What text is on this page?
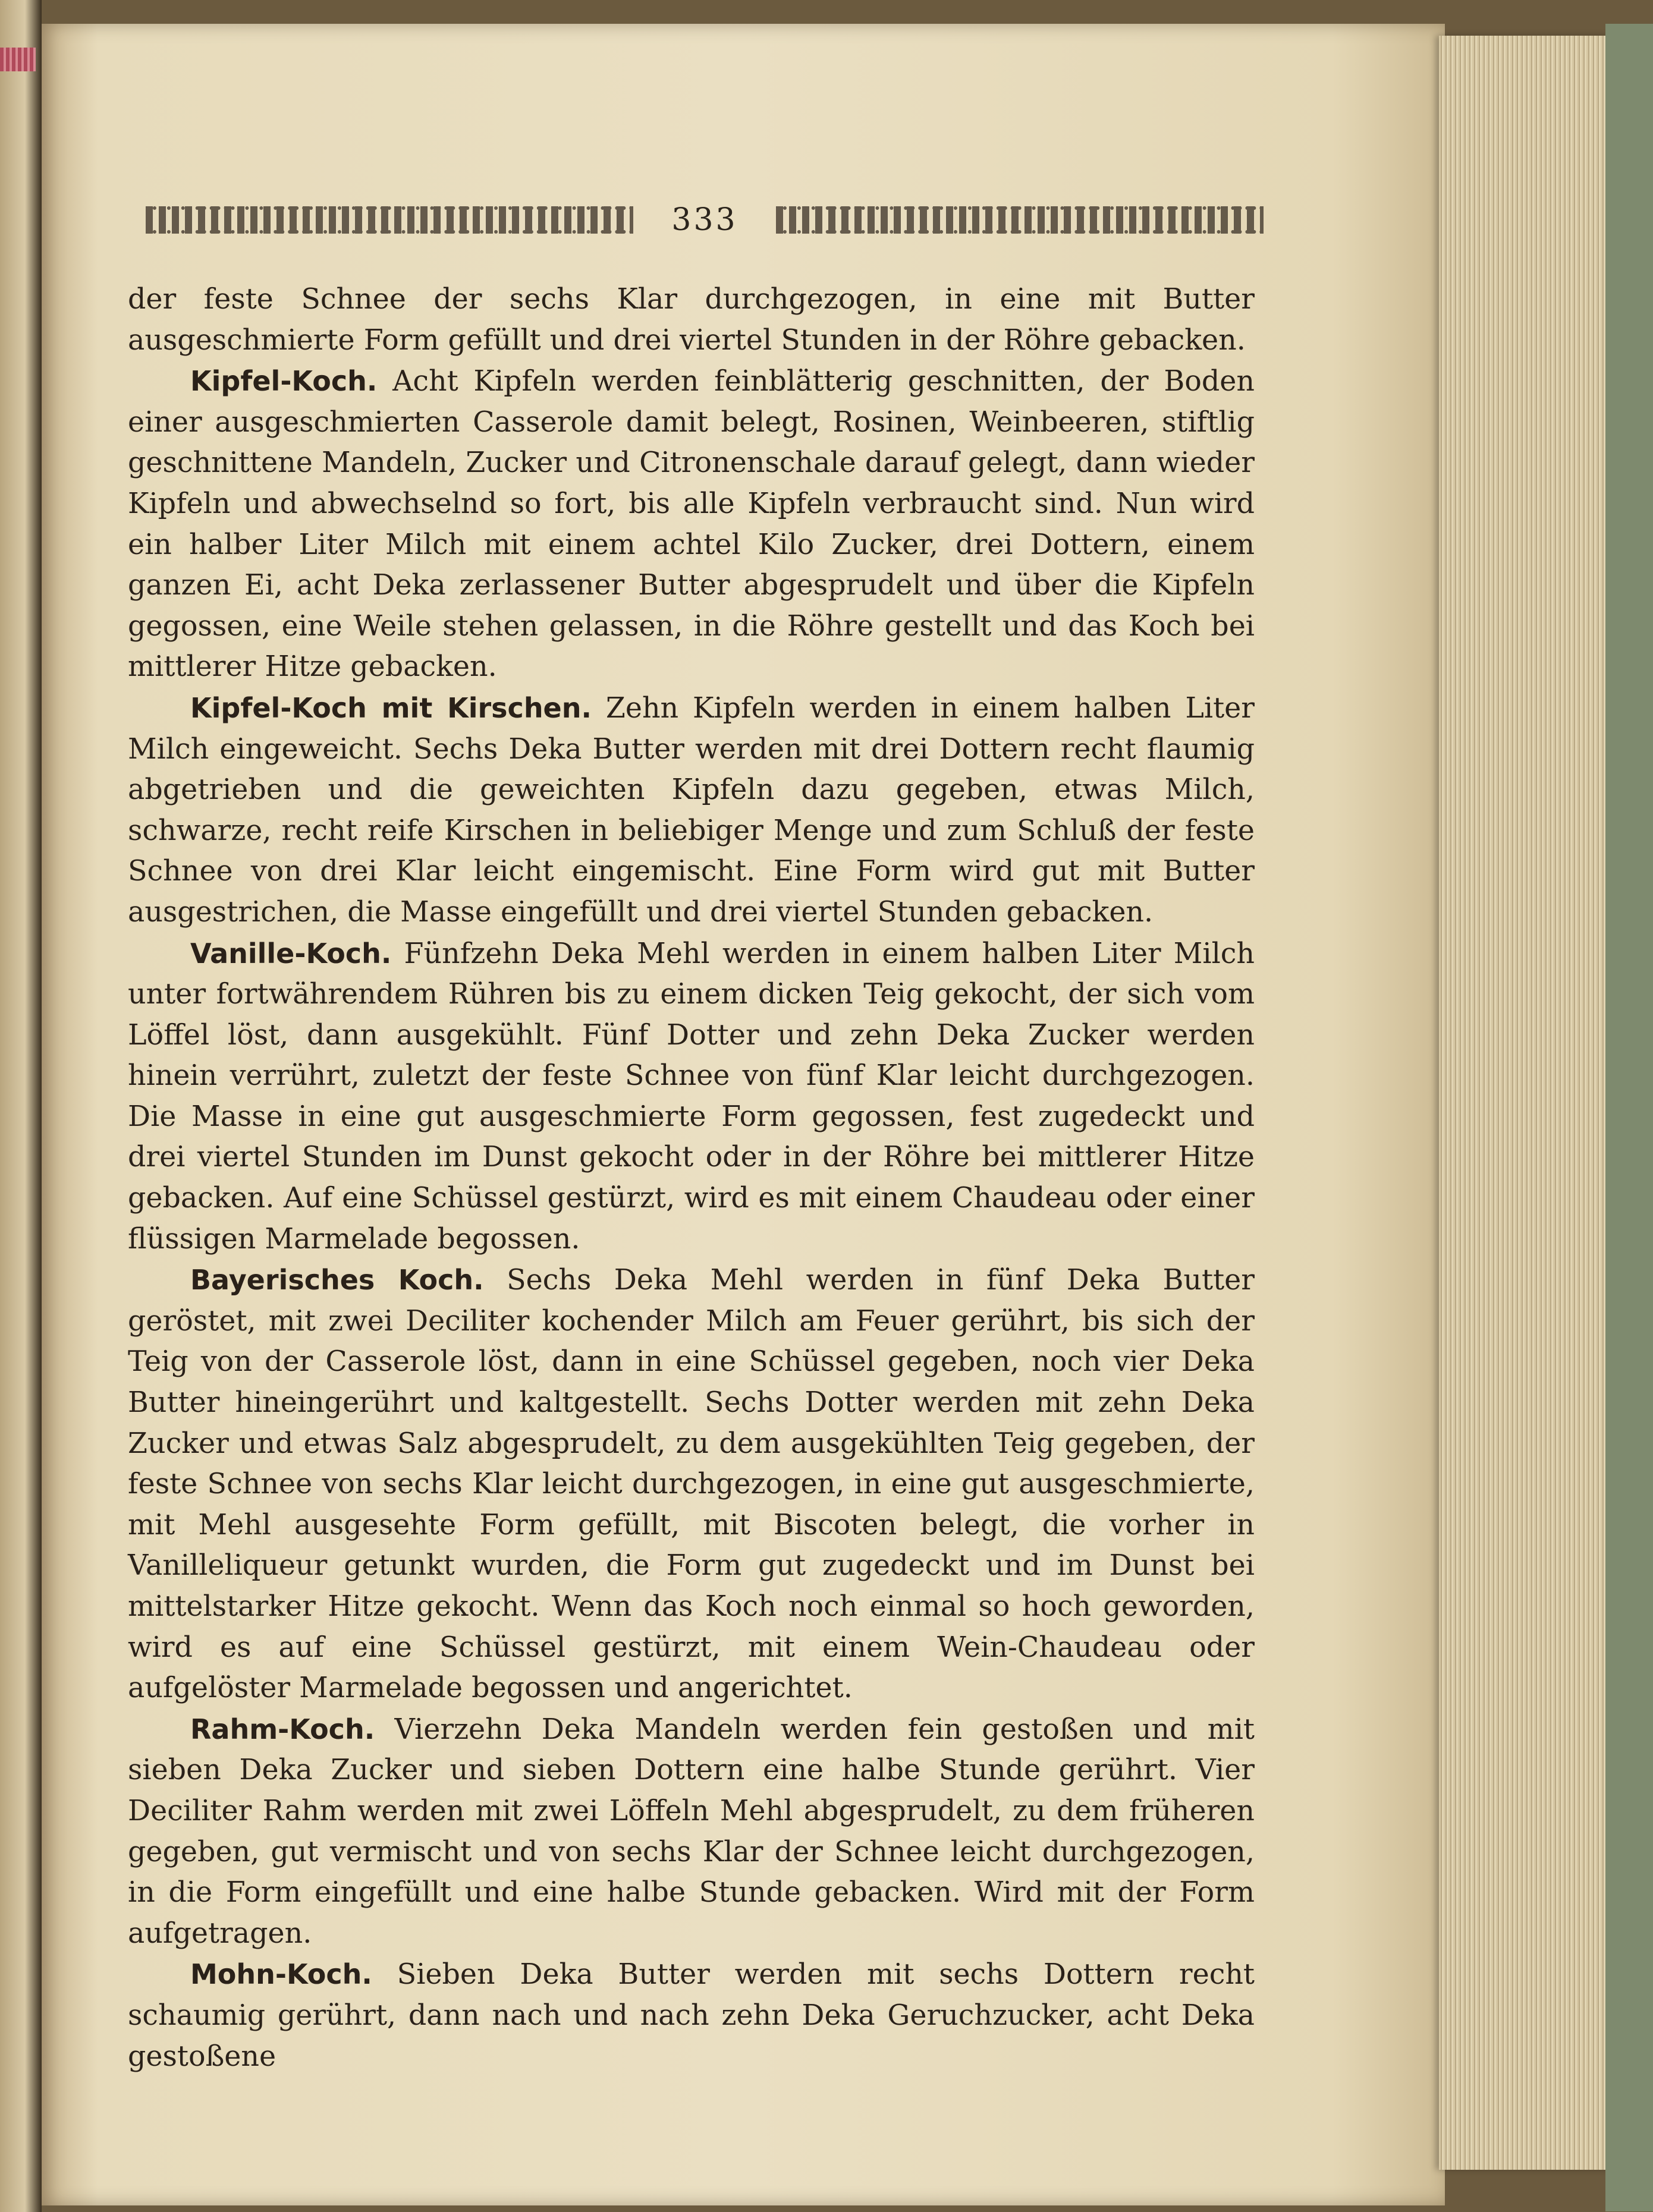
333

der feste Schnee der sechs Klar durchgezogen, in eine mit Butter ausgeschmierte Form gefüllt und drei viertel Stunden in der Röhre gebacken.

Kipfel-Koch. Acht Kipfeln werden feinblätterig geschnitten, der Boden einer ausgeschmierten Casserole damit belegt, Rosinen, Weinbeeren, stiftlig geschnittene Mandeln, Zucker und Citronenschale darauf gelegt, dann wieder Kipfeln und abwechselnd so fort, bis alle Kipfeln verbraucht sind. Nun wird ein halber Liter Milch mit einem achtel Kilo Zucker, drei Dottern, einem ganzen Ei, acht Deka zerlassener Butter abgesprudelt und über die Kipfeln gegossen, eine Weile stehen gelassen, in die Röhre gestellt und das Koch bei mittlerer Hitze gebacken.

Kipfel-Koch mit Kirschen. Zehn Kipfeln werden in einem halben Liter Milch eingeweicht. Sechs Deka Butter werden mit drei Dottern recht flaumig abgetrieben und die geweichten Kipfeln dazu gegeben, etwas Milch, schwarze, recht reife Kirschen in beliebiger Menge und zum Schluß der feste Schnee von drei Klar leicht eingemischt. Eine Form wird gut mit Butter ausgestrichen, die Masse eingefüllt und drei viertel Stunden gebacken.

Vanille-Koch. Fünfzehn Deka Mehl werden in einem halben Liter Milch unter fortwährendem Rühren bis zu einem dicken Teig gekocht, der sich vom Löffel löst, dann ausgekühlt. Fünf Dotter und zehn Deka Zucker werden hinein verrührt, zuletzt der feste Schnee von fünf Klar leicht durchgezogen. Die Masse in eine gut ausgeschmierte Form gegossen, fest zugedeckt und drei viertel Stunden im Dunst gekocht oder in der Röhre bei mittlerer Hitze gebacken. Auf eine Schüssel gestürzt, wird es mit einem Chaudeau oder einer flüssigen Marmelade begossen.

Bayerisches Koch. Sechs Deka Mehl werden in fünf Deka Butter geröstet, mit zwei Deciliter kochender Milch am Feuer gerührt, bis sich der Teig von der Casserole löst, dann in eine Schüssel gegeben, noch vier Deka Butter hineingerührt und kaltgestellt. Sechs Dotter werden mit zehn Deka Zucker und etwas Salz abgesprudelt, zu dem ausgekühlten Teig gegeben, der feste Schnee von sechs Klar leicht durchgezogen, in eine gut ausgeschmierte, mit Mehl ausgesehte Form gefüllt, mit Biscoten belegt, die vorher in Vanilleliqueur getunkt wurden, die Form gut zugedeckt und im Dunst bei mittelstarker Hitze gekocht. Wenn das Koch noch einmal so hoch geworden, wird es auf eine Schüssel gestürzt, mit einem Wein-Chaudeau oder aufgelöster Marmelade begossen und angerichtet.

Rahm-Koch. Vierzehn Deka Mandeln werden fein gestoßen und mit sieben Deka Zucker und sieben Dottern eine halbe Stunde gerührt. Vier Deciliter Rahm werden mit zwei Löffeln Mehl abgesprudelt, zu dem früheren gegeben, gut vermischt und von sechs Klar der Schnee leicht durchgezogen, in die Form eingefüllt und eine halbe Stunde gebacken. Wird mit der Form aufgetragen.

Mohn-Koch. Sieben Deka Butter werden mit sechs Dottern recht schaumig gerührt, dann nach und nach zehn Deka Geruchzucker, acht Deka gestoßene
